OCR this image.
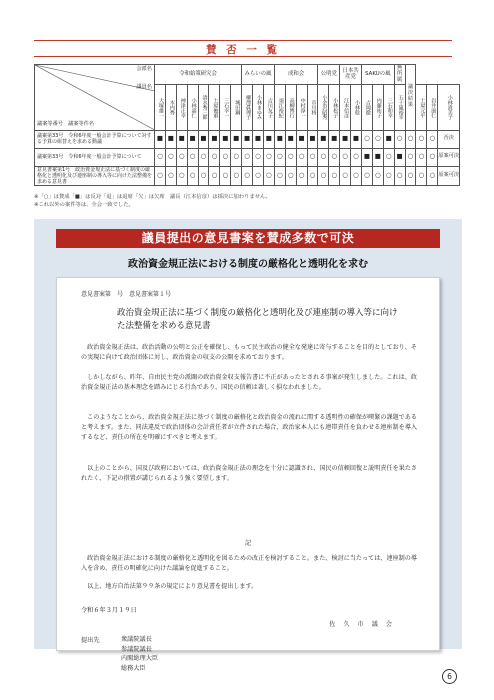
賛 否 一 覧
会派名
議員名
議案等番号　議案等件名	令和始策研究会								みらいの風			成和会				公明党		日本共産党		SAKUの風			無所属	議決結果			
	大塚雄一	木内秀	神津正幸	小林嘉仁	清水秀三郎	土屋俊重	三石幸一	城田鋼	柳澤眞理子	小林まゆみ	吉川友子	須江裕紀	高柳博行	中村淳一	市川将	小金沢昭秀	小林松子	江本信彦	小林稔	吉岡徹	内藤祐子	三石和幸	五十嵐裕幸		土屋元平	岩井康仁	小林貴美子
議案第33号　令和6年度一般会計予算について対する予算の組替えを求める動議	■	■	■	■	■	■	■	■	■	■	■	■	■	■	■	■	■	■	■	○	○	■	○	○	○	○	否決
議案第33号　令和6年度一般会計予算について	○	○	○	○	○	○	○	○	○	○	○	○	○	○	○	○	○	○	○	■	■	○	■	○	○	○	原案可決
意見書案第1号　政治資金規正法に基づく制度の厳格化と透明化及び連座制の導入等に向けた法整備を求める意見書	○	○	○	○	○	○	○	○	○	○	○	○	○	○	○	○	○	○	○	○	○	○	○	○	○	○	原案可決
※「○」は賛成「■」は反対「退」は退席「欠」は欠席　議長（江本信彦）は採決に加わりません。
※これ以外の案件等は、全会一致でした。
議員提出の意見書案を賛成多数で可決
政治資金規正法における制度の厳格化と透明化を求む
意見書案第　号　意見書案第１号
政治資金規正法に基づく制度の厳格化と透明化及び連座制の導入等に向けた法整備を求める意見書
政治資金規正法は、政治活動の公明と公正を確保し、もって民主政治の健全な発達に寄与することを目的としており、その実現に向けて政治団体に対し、政治資金の収支の公開を求めております。
しかしながら、昨年、自由民主党の派閥の政治資金収支報告書に不正があったとされる事案が発生しました。これは、政治資金規正法の基本理念を踏みにじる行為であり、国民の信頼は著しく損なわれました。
このようなことから、政治資金規正法に基づく制度の厳格化と政治資金の流れに関する透明性の確保が喫緊の課題であると考えます。また、同法違反で政治団体の会計責任者が立件された場合、政治家本人にも連帯責任を負わせる連座制を導入するなど、責任の所在を明確にすべきと考えます。
以上のことから、国及び政府においては、政治資金規正法の理念を十分に認識され、国民の信頼回復と説明責任を果たされたく、下記の措置が講じられるよう強く要望します。
記
政治資金規正法における制度の厳格化と透明化を図るための改正を検討すること。また、検討に当たっては、連座制の導入を含め、責任の明確化に向けた議論を促進すること。
以上、地方自治法第９９条の規定により意見書を提出します。
令和６年３月１９日
佐 久 市 議 会
提出先	衆議院議長
参議院議長
内閣総理大臣
総務大臣
6
